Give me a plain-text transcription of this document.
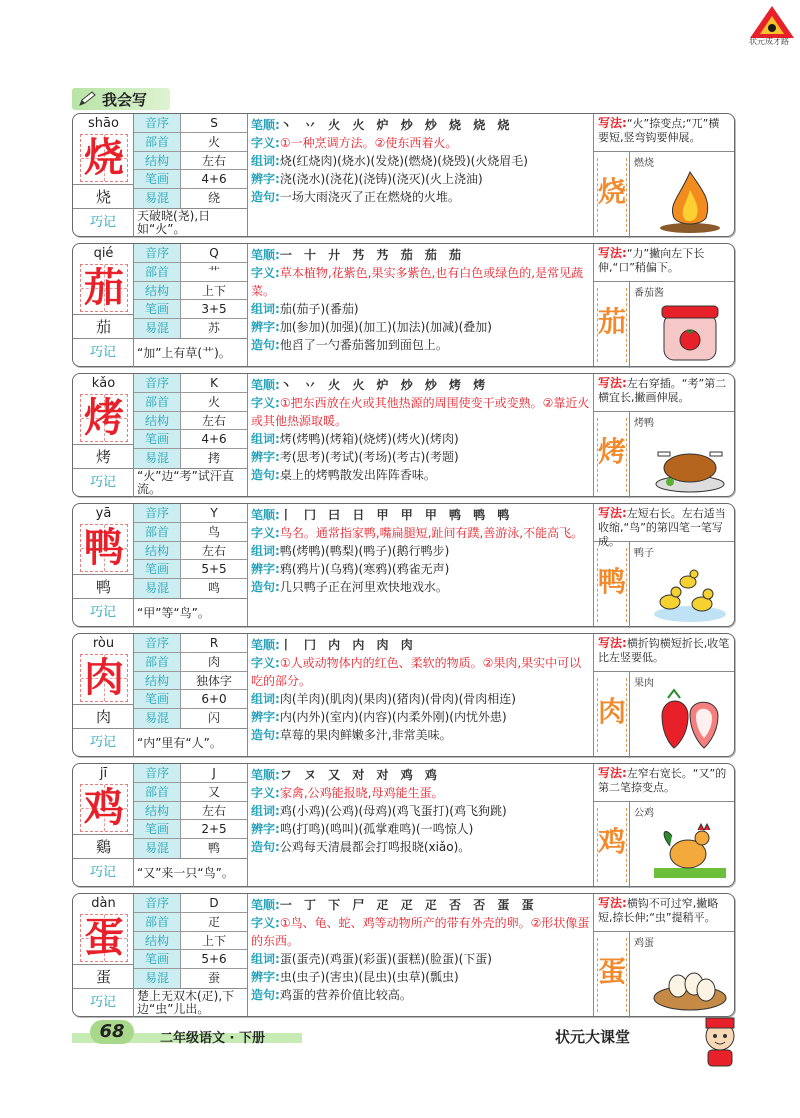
状元成才路
我会写
shāo
烧
烧
音序	S
部首	火
结构	左右
笔画	4+6
易混	绕
巧记	天破晓(尧),日如“火”。
笔顺:丶 丷 火 火 炉 炒 炒 烧 烧 烧
字义:①一种烹调方法。②使东西着火。
组词:烧(红烧肉)(烧水)(发烧)(燃烧)(烧毁)(火烧眉毛)
辨字:浇(浇水)(浇花)(浇铸)(浇灭)(火上浇油)
造句:一场大雨浇灭了正在燃烧的火堆。
写法:“火”捺变点;“兀”横要短,竖弯钩要伸展。
烧
燃烧
qié
茄
茄
音序	Q
部首	艹
结构	上下
笔画	3+5
易混	苏
巧记	“加”上有草(艹)。
笔顺:一 十 廾 艿 艿 茄 茄 茄
字义:草本植物,花紫色,果实多紫色,也有白色或绿色的,是常见蔬菜。
组词:茄(茄子)(番茄)
辨字:加(参加)(加强)(加工)(加法)(加减)(叠加)
造句:他舀了一勺番茄酱加到面包上。
写法:“力”撇向左下长伸,“口”稍偏下。
茄
番茄酱
kǎo
烤
烤
音序	K
部首	火
结构	左右
笔画	4+6
易混	拷
巧记	“火”边“考”试汗直流。
笔顺:丶 丷 火 火 炉 炒 炒 烤 烤
字义:①把东西放在火或其他热源的周围使变干或变熟。②靠近火或其他热源取暖。
组词:烤(烤鸭)(烤箱)(烧烤)(烤火)(烤肉)
辨字:考(思考)(考试)(考场)(考古)(考题)
造句:桌上的烤鸭散发出阵阵香味。
写法:左右穿插。“考”第二横宜长,撇画伸展。
烤
烤鸭
yā
鸭
鸭
音序	Y
部首	鸟
结构	左右
笔画	5+5
易混	鸣
巧记	“甲”等“鸟”。
笔顺:丨 冂 曰 日 甲 甲 甲 鸭 鸭 鸭
字义:鸟名。通常指家鸭,嘴扁腿短,趾间有蹼,善游泳,不能高飞。
组词:鸭(烤鸭)(鸭梨)(鸭子)(鹅行鸭步)
辨字:鸦(鸦片)(乌鸦)(寒鸦)(鸦雀无声)
造句:几只鸭子正在河里欢快地戏水。
写法:左短右长。左右适当收缩,“鸟”的第四笔一笔写成。
鸭
鸭子
ròu
肉
肉
音序	R
部首	肉
结构	独体字
笔画	6+0
易混	闪
巧记	“内”里有“人”。
笔顺:丨 冂 内 内 肉 肉
字义:①人或动物体内的红色、柔软的物质。②果肉,果实中可以吃的部分。
组词:肉(羊肉)(肌肉)(果肉)(猪肉)(骨肉)(骨肉相连)
辨字:内(内外)(室内)(内容)(内柔外刚)(内忧外患)
造句:草莓的果肉鲜嫩多汁,非常美味。
写法:横折钩横短折长,收笔比左竖要低。
肉
果肉
jī
鸡
鷄
音序	J
部首	又
结构	左右
笔画	2+5
易混	鸭
巧记	“又”来一只“鸟”。
笔顺:フ ヌ 又 对 对 鸡 鸡
字义:家禽,公鸡能报晓,母鸡能生蛋。
组词:鸡(小鸡)(公鸡)(母鸡)(鸡飞蛋打)(鸡飞狗跳)
辨字:鸣(打鸣)(鸣叫)(孤掌难鸣)(一鸣惊人)
造句:公鸡每天清晨都会打鸣报晓(xiǎo)。
写法:左窄右宽长。“又”的第二笔捺变点。
鸡
公鸡
dàn
蛋
蛋
音序	D
部首	疋
结构	上下
笔画	5+6
易混	蚕
巧记	楚上无双木(疋),下边“虫”儿出。
笔顺:一 丁 下 尸 疋 疋 疋 否 否 蛋 蛋
字义:①鸟、龟、蛇、鸡等动物所产的带有外壳的卵。②形状像蛋的东西。
组词:蛋(蛋壳)(鸡蛋)(彩蛋)(蛋糕)(脸蛋)(下蛋)
辨字:虫(虫子)(害虫)(昆虫)(虫草)(瓢虫)
造句:鸡蛋的营养价值比较高。
写法:横钩不可过窄,撇略短,捺长伸;“虫”提稍平。
蛋
鸡蛋
68	二年级语文 · 下册	状元大课堂
